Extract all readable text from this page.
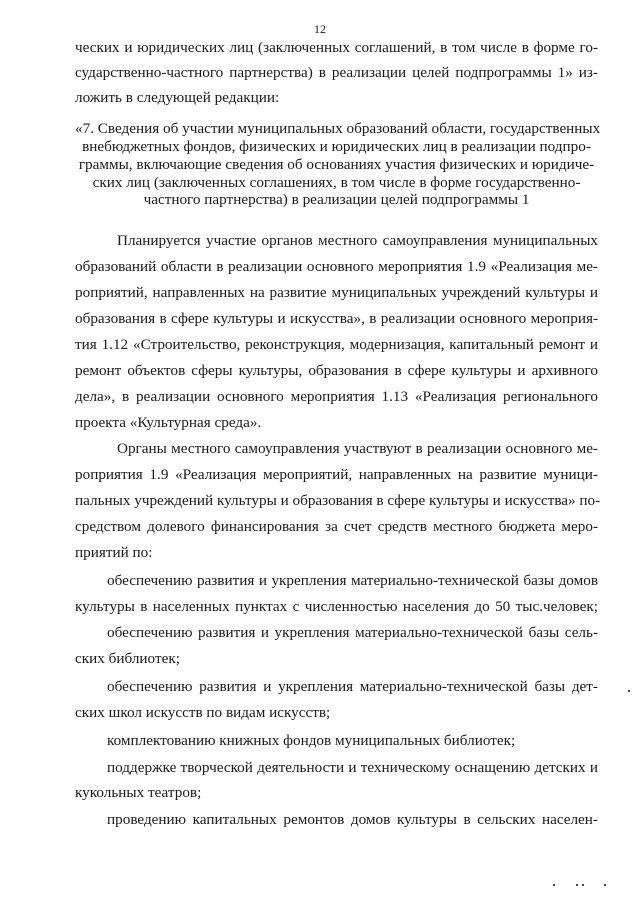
12
ческих и юридических лиц (заключенных соглашений, в том числе в форме го-
сударственно-частного партнерства) в реализации целей подпрограммы 1» из-
ложить в следующей редакции:
«7. Сведения об участии муниципальных образований области, государственных
внебюджетных фондов, физических и юридических лиц в реализации подпро-
граммы, включающие сведения об основаниях участия физических и юридиче-
ских лиц (заключенных соглашениях, в том числе в форме государственно-
частного партнерства) в реализации целей подпрограммы 1
Планируется участие органов местного самоуправления муниципальных
образований области в реализации основного мероприятия 1.9 «Реализация ме-
роприятий, направленных на развитие муниципальных учреждений культуры и
образования в сфере культуры и искусства», в реализации основного мероприя-
тия 1.12 «Строительство, реконструкция, модернизация, капитальный ремонт и
ремонт объектов сферы культуры, образования в сфере культуры и архивного
дела», в реализации основного мероприятия 1.13 «Реализация регионального
проекта «Культурная среда».
Органы местного самоуправления участвуют в реализации основного ме-
роприятия 1.9 «Реализация мероприятий, направленных на развитие муници-
пальных учреждений культуры и образования в сфере культуры и искусства» по-
средством долевого финансирования за счет средств местного бюджета меро-
приятий по:
обеспечению развития и укрепления материально-технической базы домов
культуры в населенных пунктах с численностью населения до 50 тыс.человек;
обеспечению развития и укрепления материально-технической базы сель-
ских библиотек;
обеспечению развития и укрепления материально-технической базы дет-
ских школ искусств по видам искусств;
комплектованию книжных фондов муниципальных библиотек;
поддержке творческой деятельности и техническому оснащению детских и
кукольных театров;
проведению капитальных ремонтов домов культуры в сельских населен-
